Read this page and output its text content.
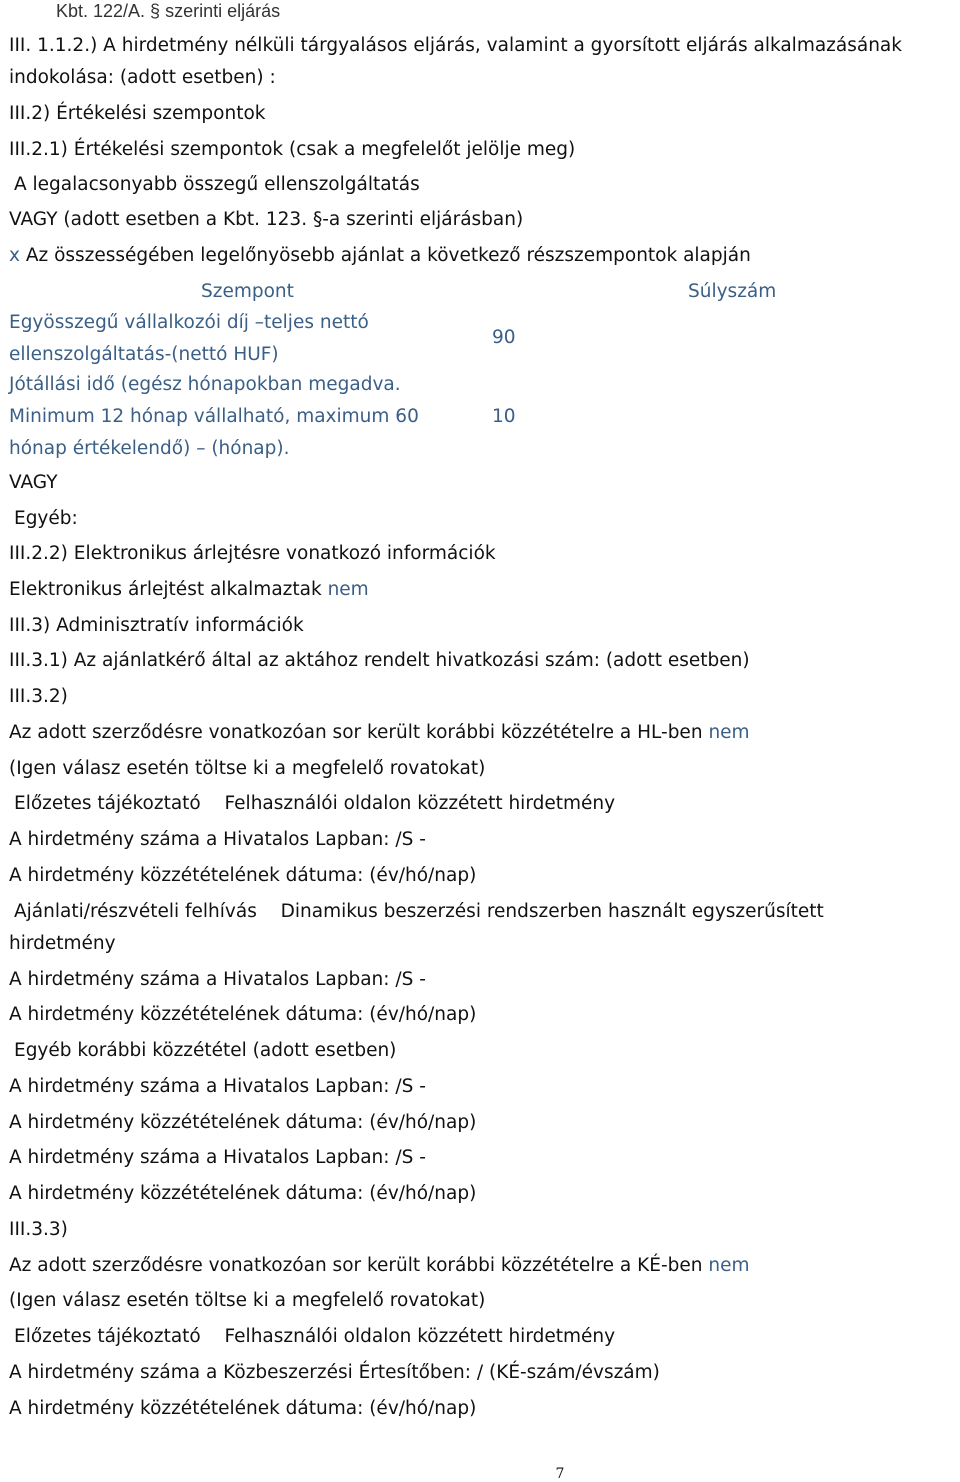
Kbt. 122/A. § szerinti eljárás
III. 1.1.2.) A hirdetmény nélküli tárgyalásos eljárás, valamint a gyorsított eljárás alkalmazásának
indokolása: (adott esetben) :
III.2) Értékelési szempontok
III.2.1) Értékelési szempontok (csak a megfelelőt jelölje meg)
A legalacsonyabb összegű ellenszolgáltatás
VAGY (adott esetben a Kbt. 123. §-a szerinti eljárásban)
x Az összességében legelőnyösebb ajánlat a következő részszempontok alapján
Szempont	Súlyszám
Egyösszegű vállalkozói díj –teljes nettó
ellenszolgáltatás-(nettó HUF)
90
Jótállási idő (egész hónapokban megadva.
Minimum 12 hónap vállalható, maximum 60
hónap értékelendő) – (hónap).
10
VAGY
Egyéb:
III.2.2) Elektronikus árlejtésre vonatkozó információk
Elektronikus árlejtést alkalmaztak nem
III.3) Adminisztratív információk
III.3.1) Az ajánlatkérő által az aktához rendelt hivatkozási szám: (adott esetben)
III.3.2)
Az adott szerződésre vonatkozóan sor került korábbi közzétételre a HL-ben nem
(Igen válasz esetén töltse ki a megfelelő rovatokat)
Előzetes tájékoztató Felhasználói oldalon közzétett hirdetmény
A hirdetmény száma a Hivatalos Lapban: /S -
A hirdetmény közzétételének dátuma: (év/hó/nap)
Ajánlati/részvételi felhívás Dinamikus beszerzési rendszerben használt egyszerűsített
hirdetmény
A hirdetmény száma a Hivatalos Lapban: /S -
A hirdetmény közzétételének dátuma: (év/hó/nap)
Egyéb korábbi közzététel (adott esetben)
A hirdetmény száma a Hivatalos Lapban: /S -
A hirdetmény közzétételének dátuma: (év/hó/nap)
A hirdetmény száma a Hivatalos Lapban: /S -
A hirdetmény közzétételének dátuma: (év/hó/nap)
III.3.3)
Az adott szerződésre vonatkozóan sor került korábbi közzétételre a KÉ-ben nem
(Igen válasz esetén töltse ki a megfelelő rovatokat)
Előzetes tájékoztató Felhasználói oldalon közzétett hirdetmény
A hirdetmény száma a Közbeszerzési Értesítőben: / (KÉ-szám/évszám)
A hirdetmény közzétételének dátuma: (év/hó/nap)
7
